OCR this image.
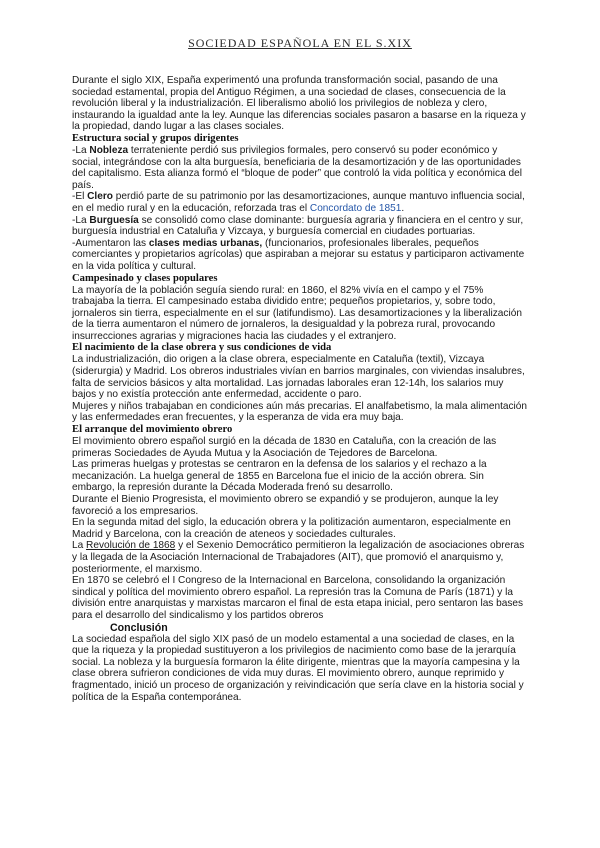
SOCIEDAD ESPAÑOLA EN EL S.XIX

Durante el siglo XIX, España experimentó una profunda transformación social, pasando de una sociedad estamental, propia del Antiguo Régimen, a una sociedad de clases, consecuencia de la revolución liberal y la industrialización. El liberalismo abolió los privilegios de nobleza y clero, instaurando la igualdad ante la ley. Aunque las diferencias sociales pasaron a basarse en la riqueza y la propiedad, dando lugar a las clases sociales.

Estructura social y grupos dirigentes

-La Nobleza terrateniente perdió sus privilegios formales, pero conservó su poder económico y social, integrándose con la alta burguesía, beneficiaria de la desamortización y de las oportunidades del capitalismo. Esta alianza formó el “bloque de poder” que controló la vida política y económica del país.

-El Clero perdió parte de su patrimonio por las desamortizaciones, aunque mantuvo influencia social, en el medio rural y en la educación, reforzada tras el Concordato de 1851.

-La Burguesía se consolidó como clase dominante: burguesía agraria y financiera en el centro y sur, burguesía industrial en Cataluña y Vizcaya, y burguesía comercial en ciudades portuarias.

-Aumentaron las clases medias urbanas, (funcionarios, profesionales liberales, pequeños comerciantes y propietarios agrícolas) que aspiraban a mejorar su estatus y participaron activamente en la vida política y cultural.

Campesinado y clases populares

La mayoría de la población seguía siendo rural: en 1860, el 82% vivía en el campo y el 75% trabajaba la tierra. El campesinado estaba dividido entre; pequeños propietarios, y, sobre todo, jornaleros sin tierra, especialmente en el sur (latifundismo). Las desamortizaciones y la liberalización de la tierra aumentaron el número de jornaleros, la desigualdad y la pobreza rural, provocando insurrecciones agrarias y migraciones hacia las ciudades y el extranjero.

El nacimiento de la clase obrera y sus condiciones de vida

La industrialización, dio origen a la clase obrera, especialmente en Cataluña (textil), Vizcaya (siderurgia) y Madrid. Los obreros industriales vivían en barrios marginales, con viviendas insalubres, falta de servicios básicos y alta mortalidad. Las jornadas laborales eran 12-14h, los salarios muy bajos y no existía protección ante enfermedad, accidente o paro.

Mujeres y niños trabajaban en condiciones aún más precarias. El analfabetismo, la mala alimentación y las enfermedades eran frecuentes, y la esperanza de vida era muy baja.

El arranque del movimiento obrero

El movimiento obrero español surgió en la década de 1830 en Cataluña, con la creación de las primeras Sociedades de Ayuda Mutua y la Asociación de Tejedores de Barcelona.

Las primeras huelgas y protestas se centraron en la defensa de los salarios y el rechazo a la mecanización. La huelga general de 1855 en Barcelona fue el inicio de la acción obrera. Sin embargo, la represión durante la Década Moderada frenó su desarrollo.

Durante el Bienio Progresista, el movimiento obrero se expandió y se produjeron, aunque la ley favoreció a los empresarios.

En la segunda mitad del siglo, la educación obrera y la politización aumentaron, especialmente en Madrid y Barcelona, con la creación de ateneos y sociedades culturales.

La Revolución de 1868 y el Sexenio Democrático permitieron la legalización de asociaciones obreras y la llegada de la Asociación Internacional de Trabajadores (AIT), que promovió el anarquismo y, posteriormente, el marxismo.

En 1870 se celebró el I Congreso de la Internacional en Barcelona, consolidando la organización sindical y política del movimiento obrero español. La represión tras la Comuna de París (1871) y la división entre anarquistas y marxistas marcaron el final de esta etapa inicial, pero sentaron las bases para el desarrollo del sindicalismo y los partidos obreros

Conclusión

La sociedad española del siglo XIX pasó de un modelo estamental a una sociedad de clases, en la que la riqueza y la propiedad sustituyeron a los privilegios de nacimiento como base de la jerarquía social. La nobleza y la burguesía formaron la élite dirigente, mientras que la mayoría campesina y la clase obrera sufrieron condiciones de vida muy duras. El movimiento obrero, aunque reprimido y fragmentado, inició un proceso de organización y reivindicación que sería clave en la historia social y política de la España contemporánea.
